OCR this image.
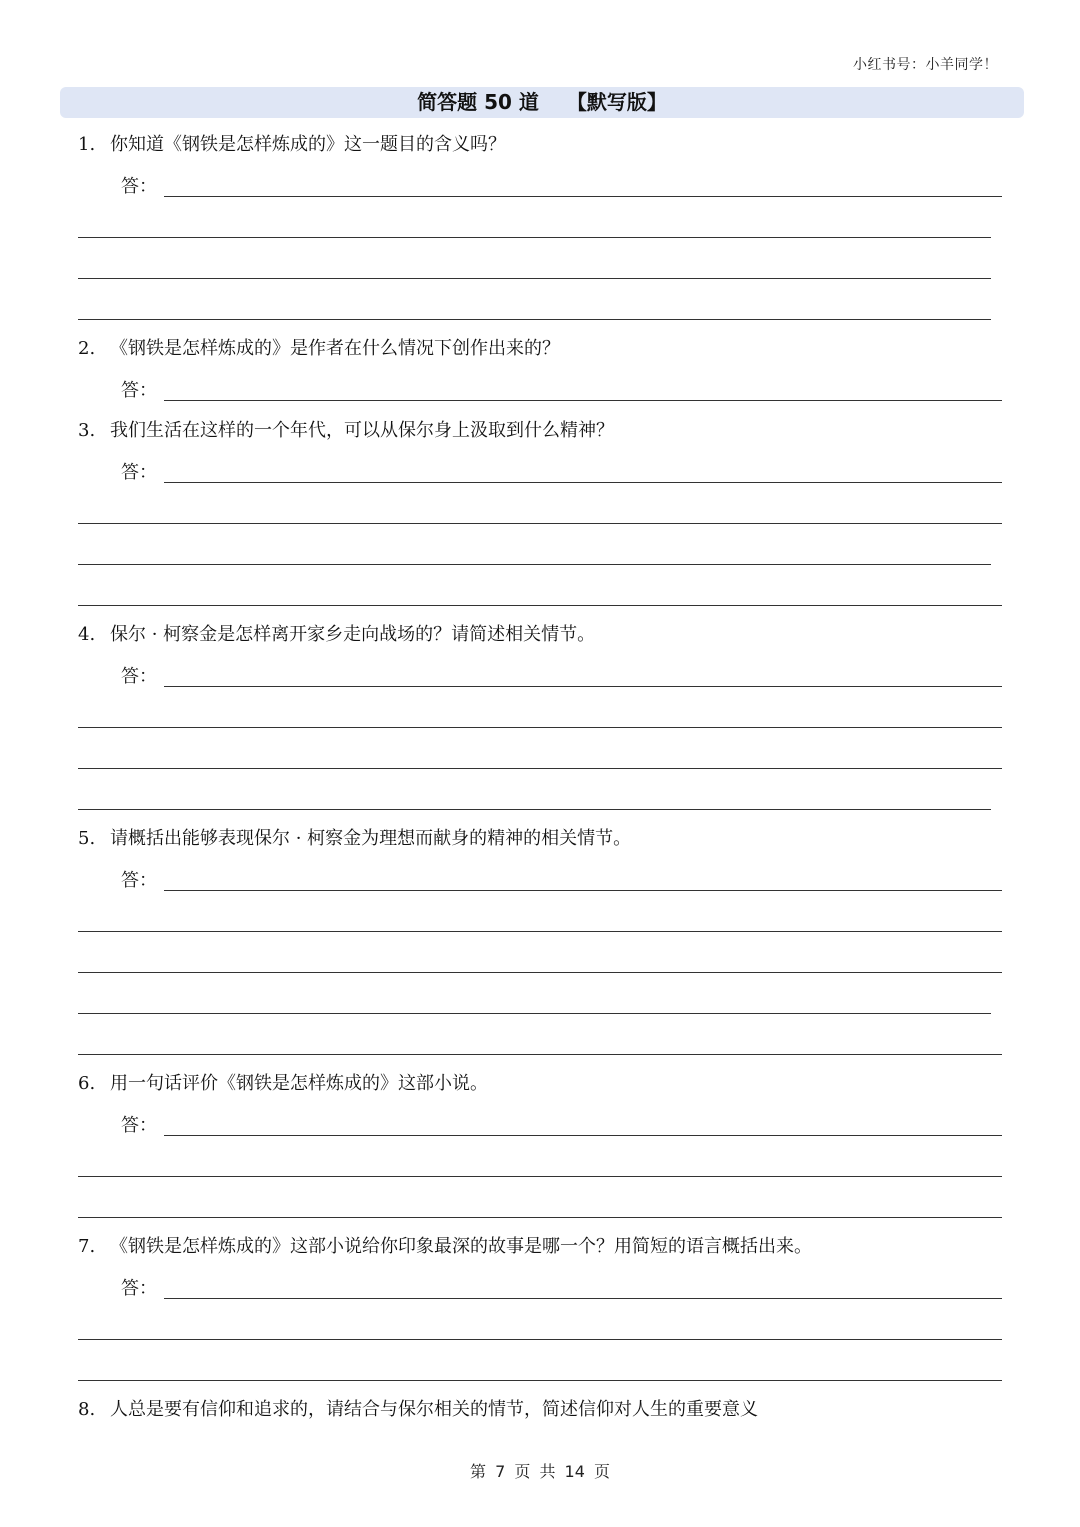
小红书号：小羊同学！
简答题 50 道 【默写版】
1. 你知道《钢铁是怎样炼成的》这一题目的含义吗？
答：
2. 《钢铁是怎样炼成的》是作者在什么情况下创作出来的？
答：
3. 我们生活在这样的一个年代，可以从保尔身上汲取到什么精神？
答：
4. 保尔 · 柯察金是怎样离开家乡走向战场的？请简述相关情节。
答：
5. 请概括出能够表现保尔 · 柯察金为理想而献身的精神的相关情节。
答：
6. 用一句话评价《钢铁是怎样炼成的》这部小说。
答：
7. 《钢铁是怎样炼成的》这部小说给你印象最深的故事是哪一个？用简短的语言概括出来。
答：
8. 人总是要有信仰和追求的，请结合与保尔相关的情节，简述信仰对人生的重要意义
第 7 页 共 14 页
